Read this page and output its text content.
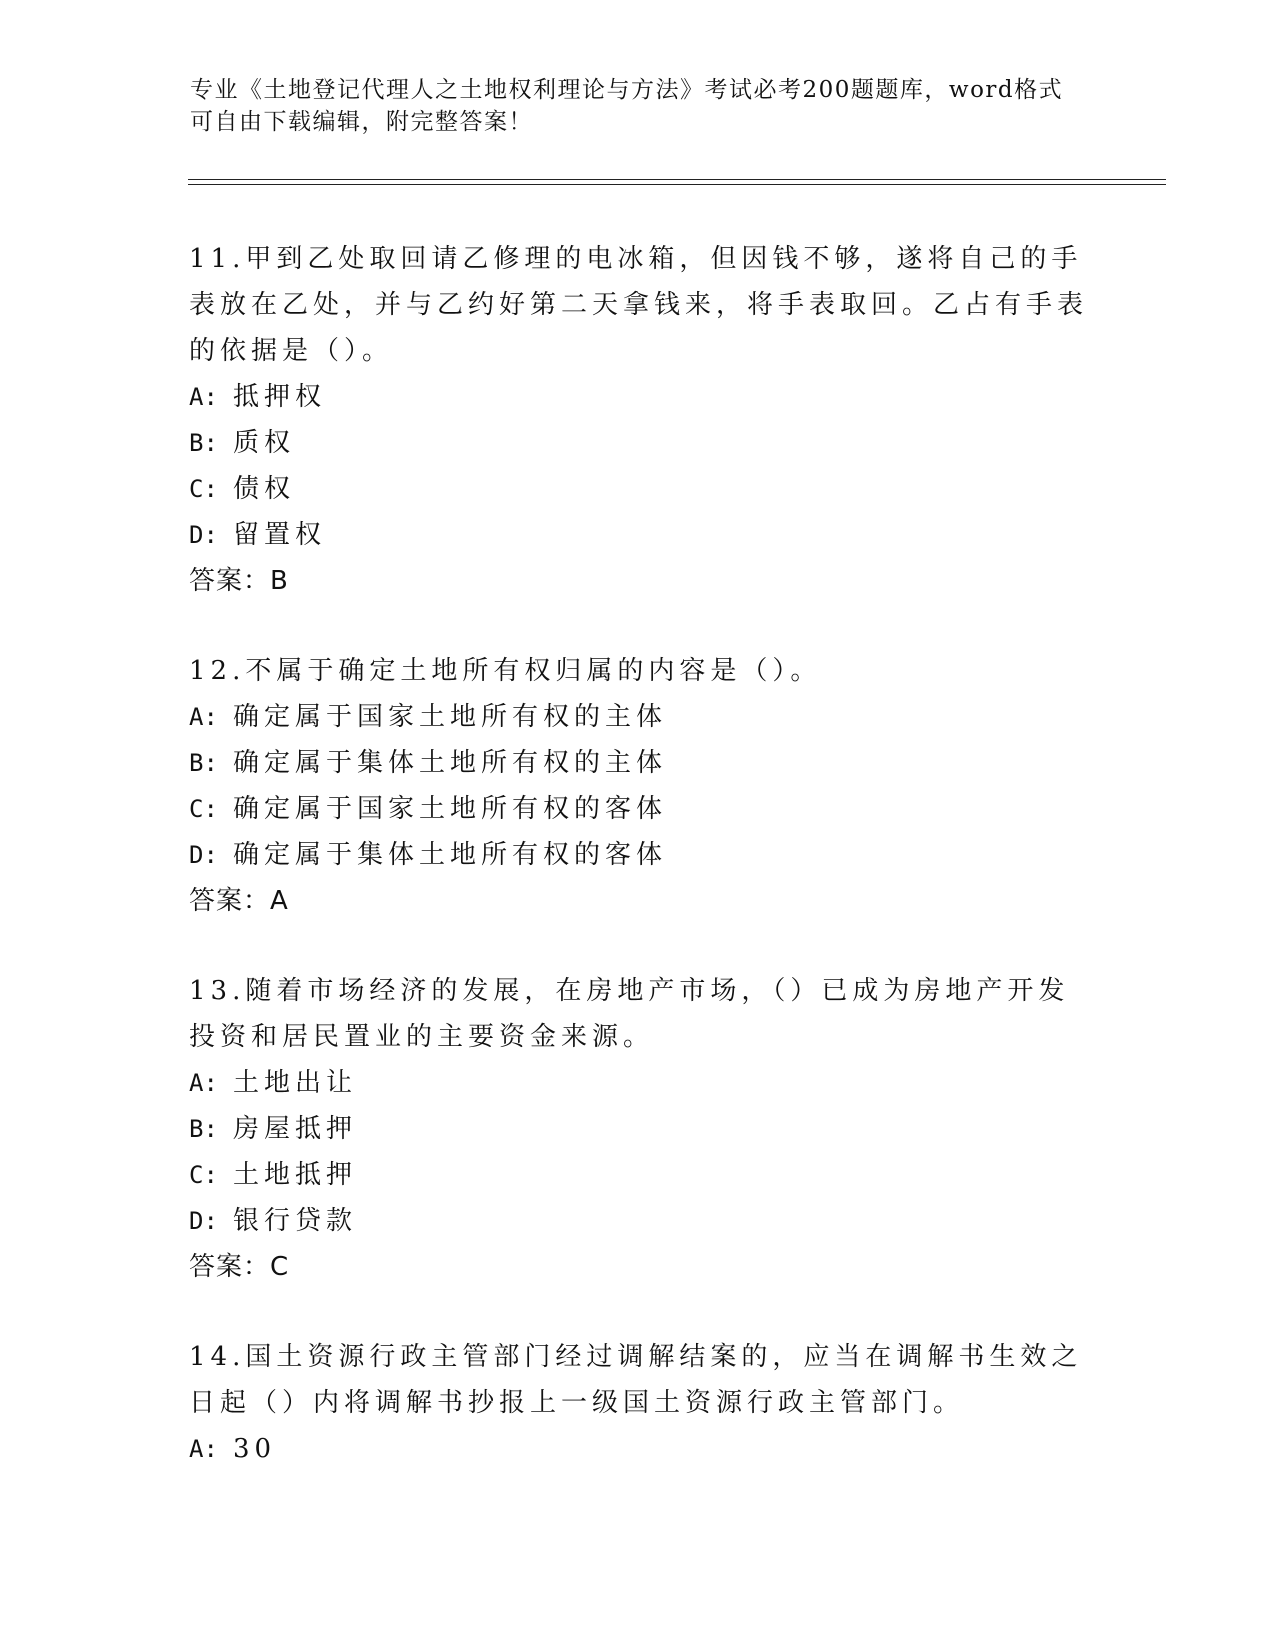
专业《土地登记代理人之土地权利理论与方法》考试必考200题题库，word格式
可自由下载编辑，附完整答案！

11.甲到乙处取回请乙修理的电冰箱，但因钱不够，遂将自己的手表放在乙处，并与乙约好第二天拿钱来，将手表取回。乙占有手表的依据是（）。

A: 抵押权
B: 质权
C: 债权
D: 留置权

答案：B

12.不属于确定土地所有权归属的内容是（）。

A: 确定属于国家土地所有权的主体
B: 确定属于集体土地所有权的主体
C: 确定属于国家土地所有权的客体
D: 确定属于集体土地所有权的客体

答案：A

13.随着市场经济的发展，在房地产市场，（）已成为房地产开发投资和居民置业的主要资金来源。

A: 土地出让
B: 房屋抵押
C: 土地抵押
D: 银行贷款

答案：C

14.国土资源行政主管部门经过调解结案的，应当在调解书生效之日起（）内将调解书抄报上一级国土资源行政主管部门。

A: 30
